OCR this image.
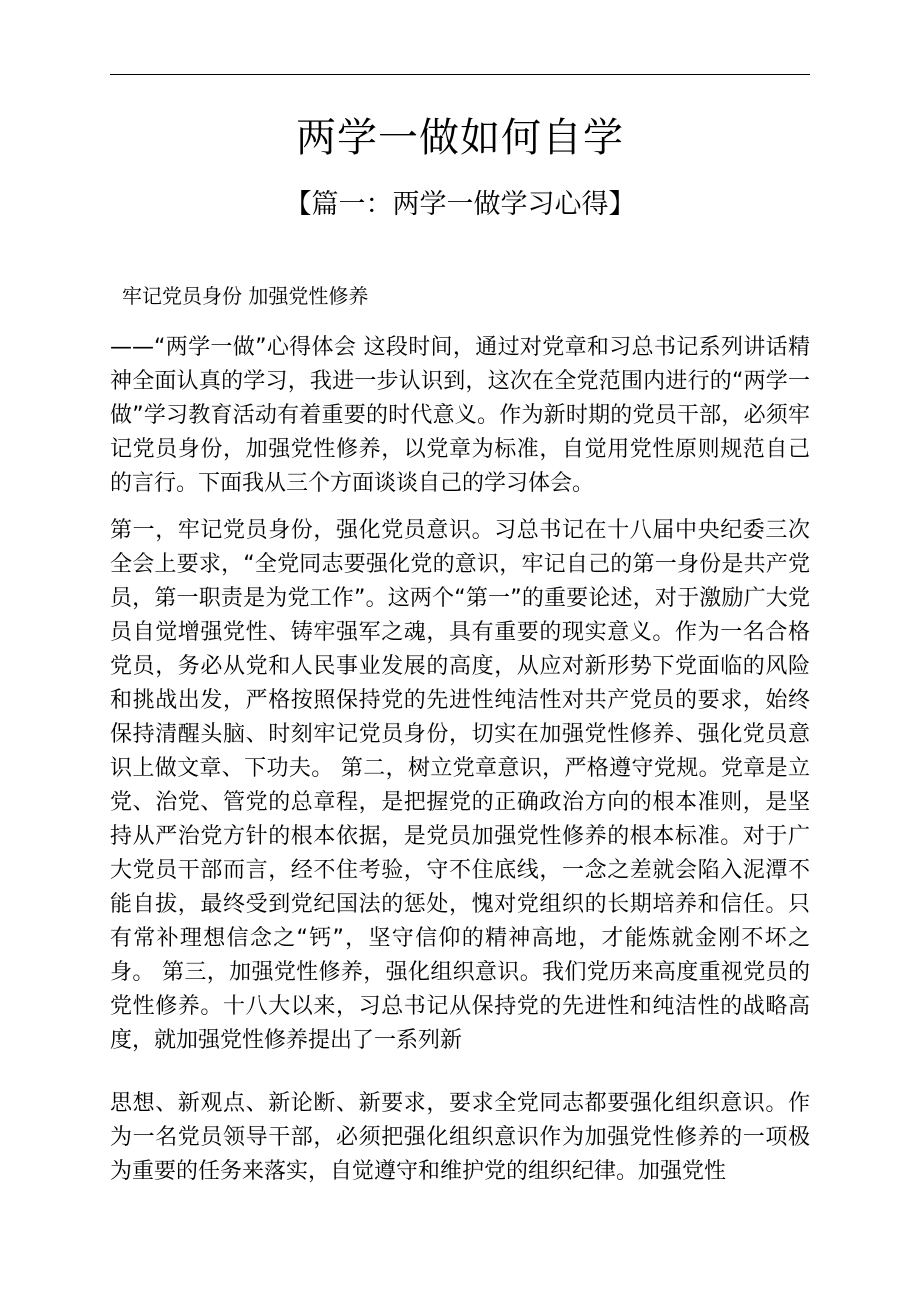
两学一做如何自学
【篇一：两学一做学习心得】

牢记党员身份 加强党性修养

——“两学一做”心得体会 这段时间，通过对党章和习总书记系列讲话精神全面认真的学习，我进一步认识到，这次在全党范围内进行的“两学一做”学习教育活动有着重要的时代意义。作为新时期的党员干部，必须牢记党员身份，加强党性修养，以党章为标准，自觉用党性原则规范自己的言行。下面我从三个方面谈谈自己的学习体会。

第一，牢记党员身份，强化党员意识。习总书记在十八届中央纪委三次全会上要求，“全党同志要强化党的意识，牢记自己的第一身份是共产党员，第一职责是为党工作”。这两个“第一”的重要论述，对于激励广大党员自觉增强党性、铸牢强军之魂，具有重要的现实意义。作为一名合格党员，务必从党和人民事业发展的高度，从应对新形势下党面临的风险和挑战出发，严格按照保持党的先进性纯洁性对共产党员的要求，始终保持清醒头脑、时刻牢记党员身份，切实在加强党性修养、强化党员意识上做文章、下功夫。 第二，树立党章意识，严格遵守党规。党章是立党、治党、管党的总章程，是把握党的正确政治方向的根本准则，是坚持从严治党方针的根本依据，是党员加强党性修养的根本标准。对于广大党员干部而言，经不住考验，守不住底线，一念之差就会陷入泥潭不能自拔，最终受到党纪国法的惩处，愧对党组织的长期培养和信任。只有常补理想信念之“钙”，坚守信仰的精神高地，才能炼就金刚不坏之身。 第三，加强党性修养，强化组织意识。我们党历来高度重视党员的党性修养。十八大以来，习总书记从保持党的先进性和纯洁性的战略高度，就加强党性修养提出了一系列新

思想、新观点、新论断、新要求，要求全党同志都要强化组织意识。作为一名党员领导干部，必须把强化组织意识作为加强党性修养的一项极为重要的任务来落实，自觉遵守和维护党的组织纪律。加强党性
